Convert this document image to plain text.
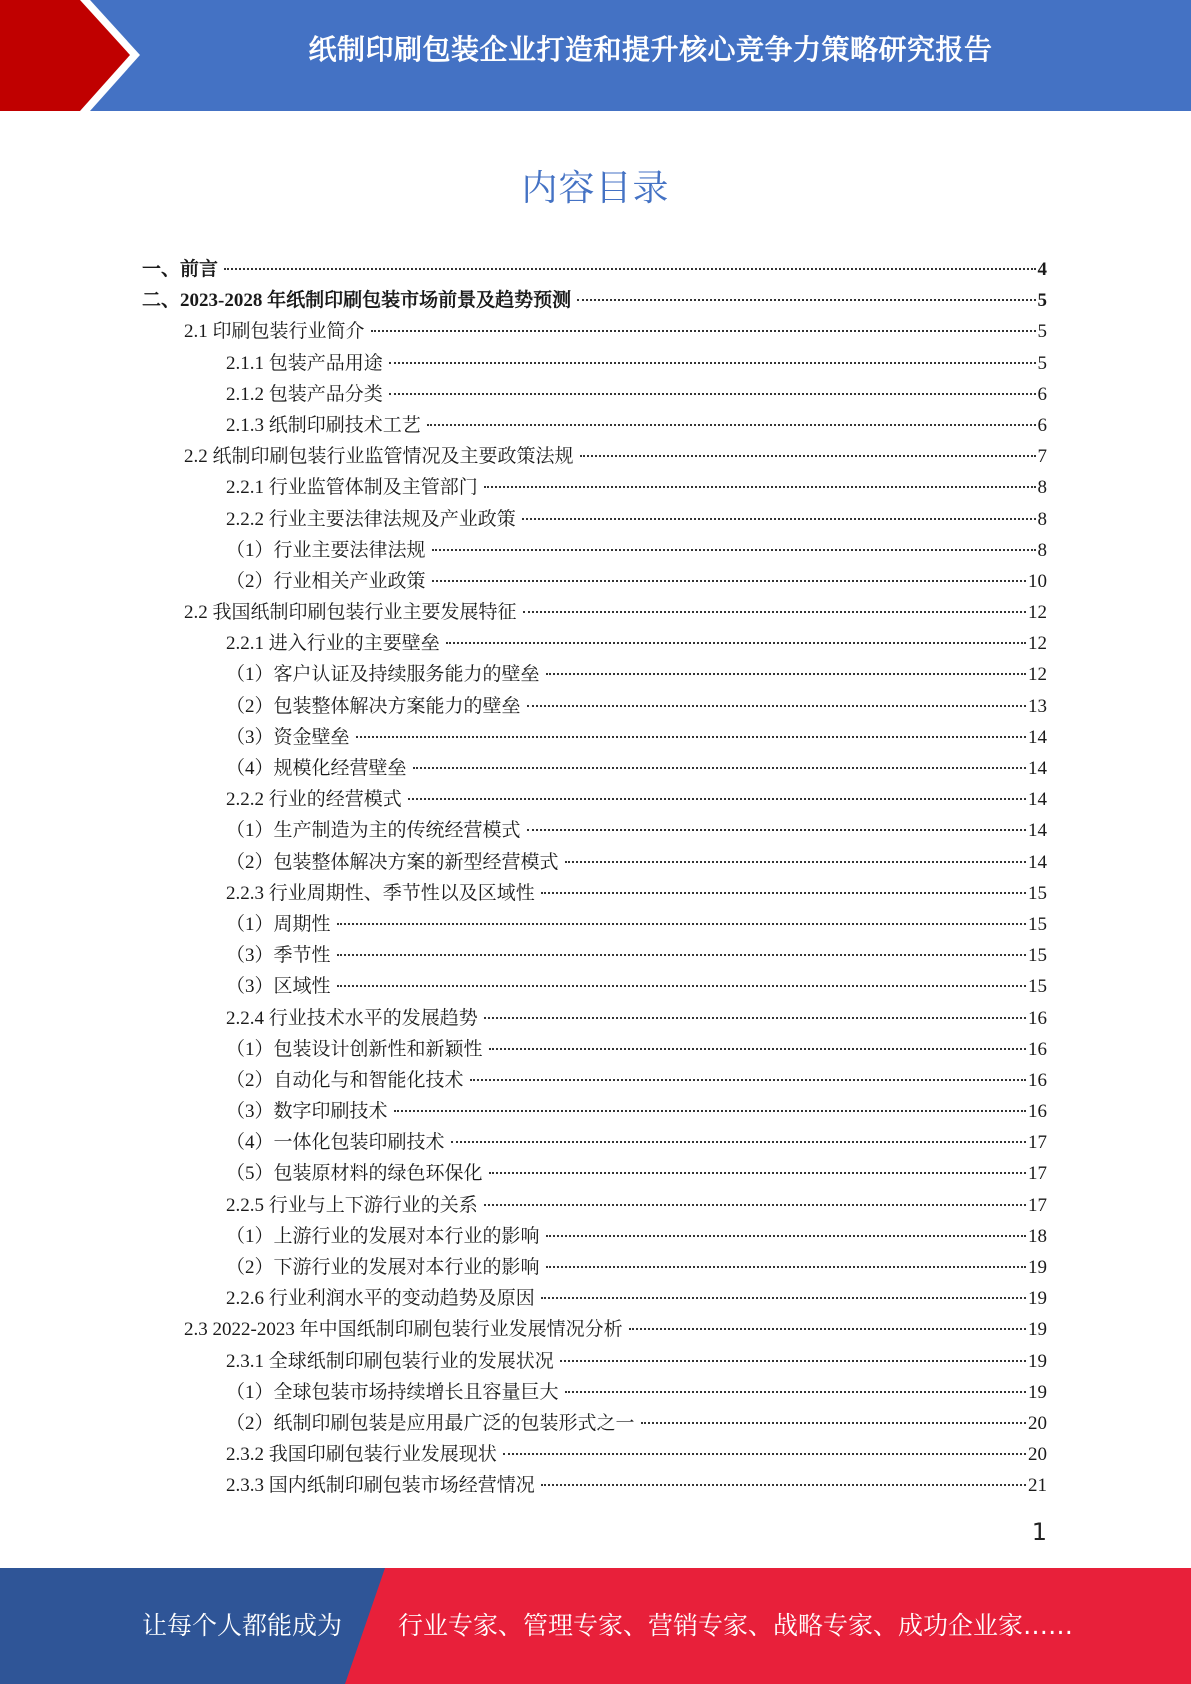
纸制印刷包装企业打造和提升核心竞争力策略研究报告
内容目录
一、前言	4
二、2023-2028 年纸制印刷包装市场前景及趋势预测	5
2.1 印刷包装行业简介	5
2.1.1 包装产品用途	5
2.1.2 包装产品分类	6
2.1.3 纸制印刷技术工艺	6
2.2 纸制印刷包装行业监管情况及主要政策法规	7
2.2.1 行业监管体制及主管部门	8
2.2.2 行业主要法律法规及产业政策	8
（1）行业主要法律法规	8
（2）行业相关产业政策	10
2.2 我国纸制印刷包装行业主要发展特征	12
2.2.1 进入行业的主要壁垒	12
（1）客户认证及持续服务能力的壁垒	12
（2）包装整体解决方案能力的壁垒	13
（3）资金壁垒	14
（4）规模化经营壁垒	14
2.2.2 行业的经营模式	14
（1）生产制造为主的传统经营模式	14
（2）包装整体解决方案的新型经营模式	14
2.2.3 行业周期性、季节性以及区域性	15
（1）周期性	15
（3）季节性	15
（3）区域性	15
2.2.4 行业技术水平的发展趋势	16
（1）包装设计创新性和新颖性	16
（2）自动化与和智能化技术	16
（3）数字印刷技术	16
（4）一体化包装印刷技术	17
（5）包装原材料的绿色环保化	17
2.2.5 行业与上下游行业的关系	17
（1）上游行业的发展对本行业的影响	18
（2）下游行业的发展对本行业的影响	19
2.2.6 行业利润水平的变动趋势及原因	19
2.3 2022-2023 年中国纸制印刷包装行业发展情况分析	19
2.3.1 全球纸制印刷包装行业的发展状况	19
（1）全球包装市场持续增长且容量巨大	19
（2）纸制印刷包装是应用最广泛的包装形式之一	20
2.3.2 我国印刷包装行业发展现状	20
2.3.3 国内纸制印刷包装市场经营情况	21
1
让每个人都能成为 行业专家、管理专家、营销专家、战略专家、成功企业家……
